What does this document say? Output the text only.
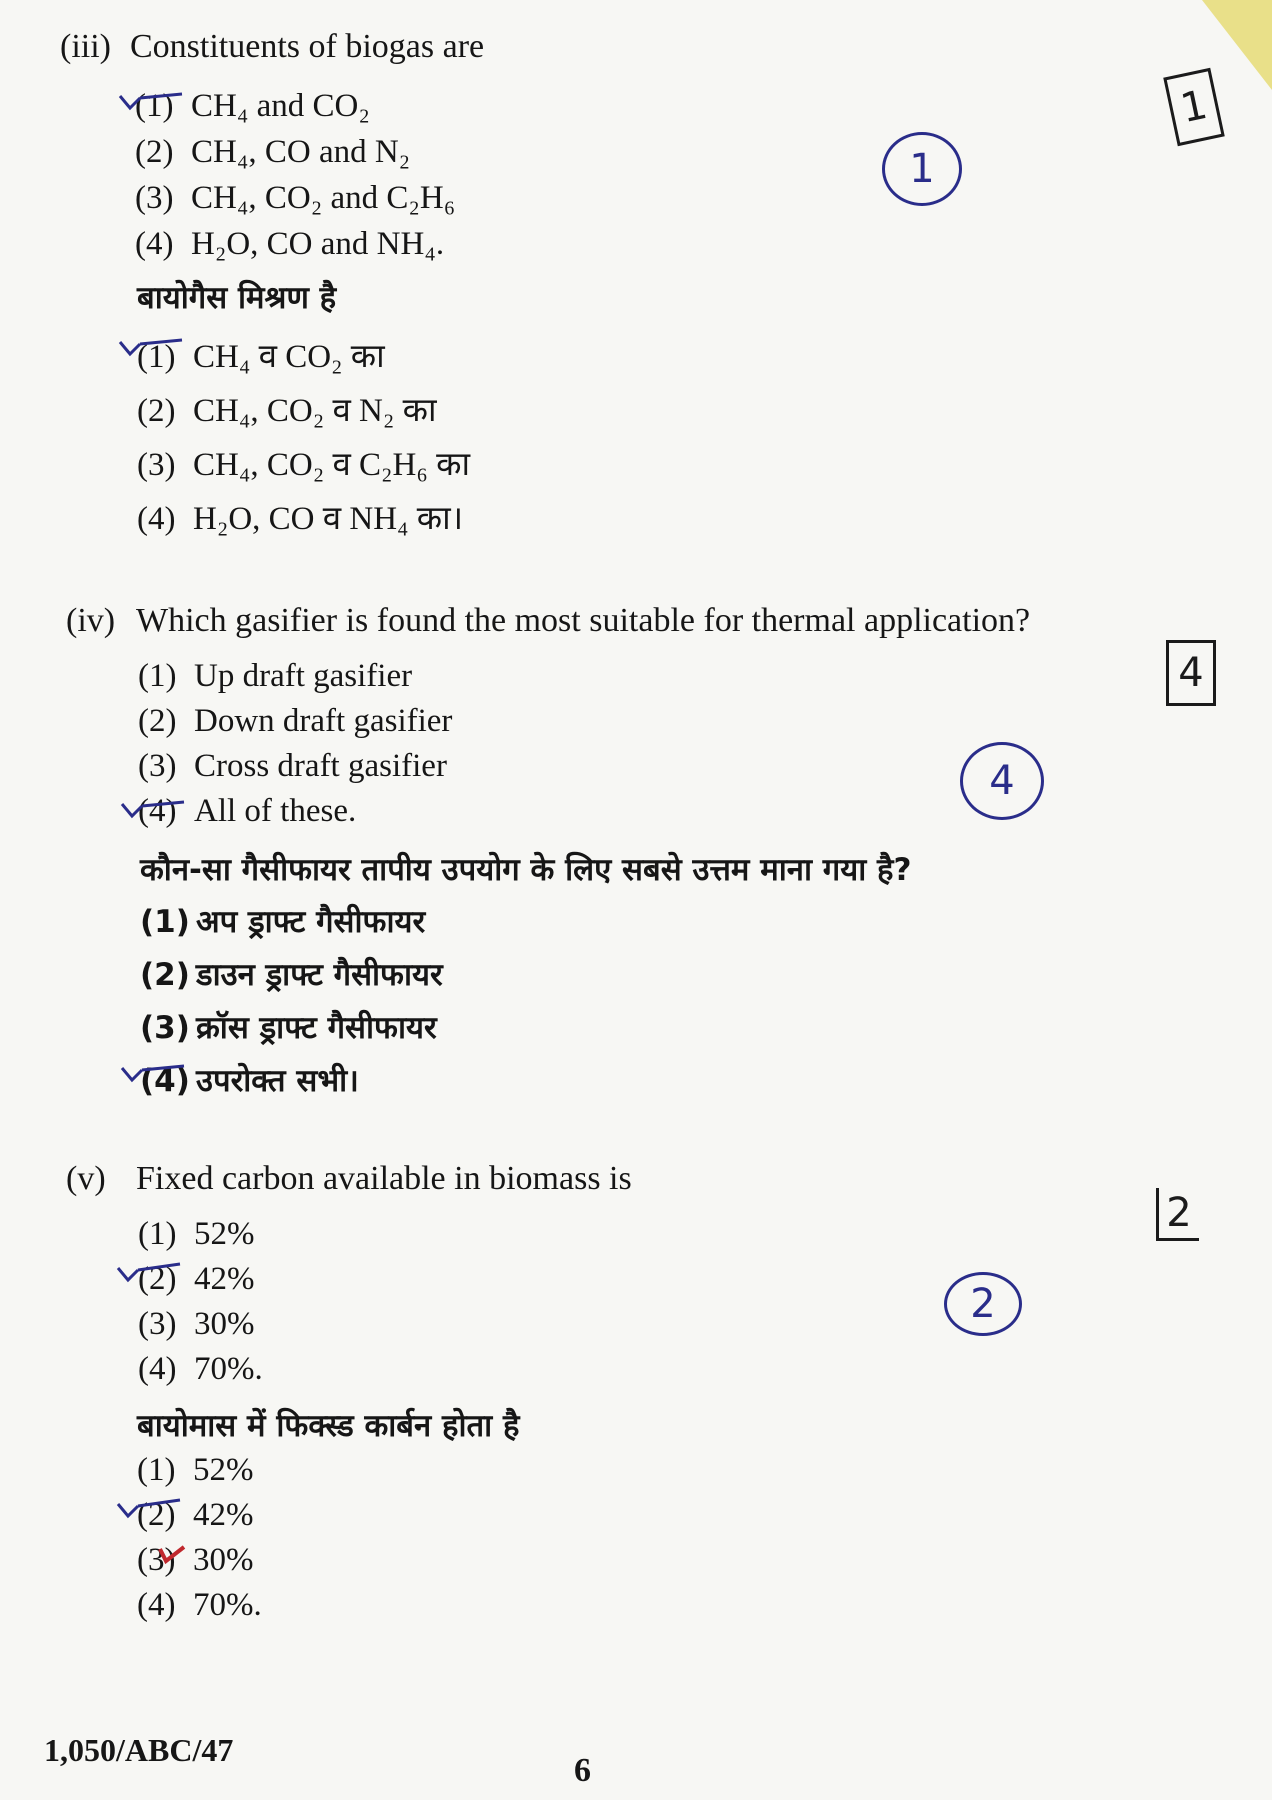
(iii) Constituents of biogas are
(1) CH₄ and CO₂
(2) CH₄, CO and N₂
(3) CH₄, CO₂ and C₂H₆
(4) H₂O, CO and NH₄.
बायोगैस मिश्रण है
(1) CH₄ व CO₂ का
(2) CH₄, CO₂ व N₂ का
(3) CH₄, CO₂ व C₂H₆ का
(4) H₂O, CO व NH₄ का।
1
1
(iv) Which gasifier is found the most suitable for thermal application?
(1) Up draft gasifier
(2) Down draft gasifier
(3) Cross draft gasifier
(4) All of these.
कौन-सा गैसीफायर तापीय उपयोग के लिए सबसे उत्तम माना गया है?
(1) अप ड्राफ्ट गैसीफायर
(2) डाउन ड्राफ्ट गैसीफायर
(3) क्रॉस ड्राफ्ट गैसीफायर
(4) उपरोक्त सभी।
4
4
(v) Fixed carbon available in biomass is
(1) 52%
(2) 42%
(3) 30%
(4) 70%.
बायोमास में फिक्स्ड कार्बन होता है
(1) 52%
(2) 42%
(3) 30%
(4) 70%.
2
2
1,050/ABC/47
6
